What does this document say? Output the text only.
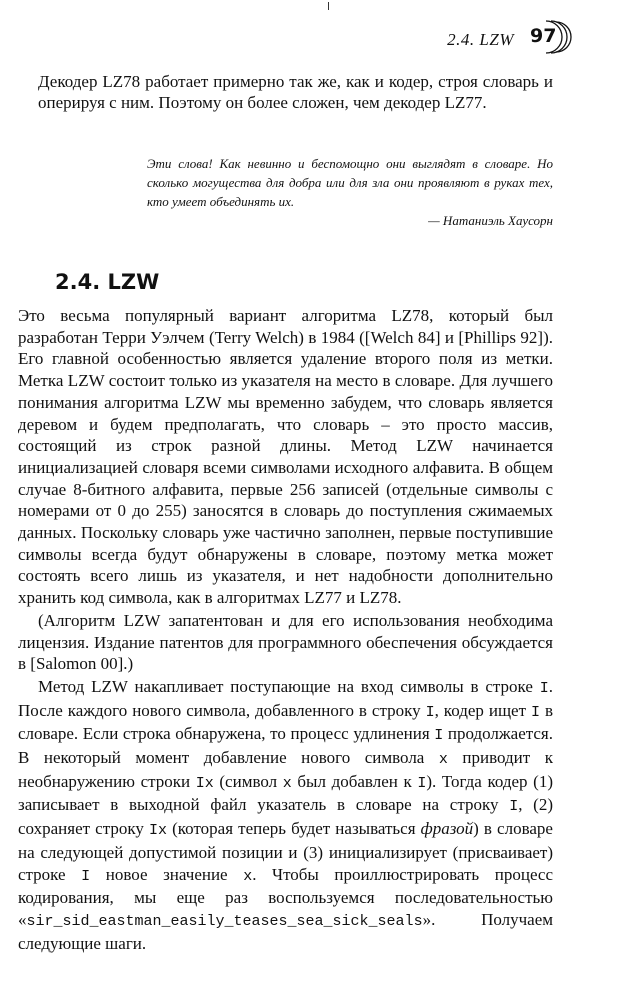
2.4. LZW 97

Декодер LZ78 работает примерно так же, как и кодер, строя словарь и оперируя с ним. Поэтому он более сложен, чем декодер LZ77.

Эти слова! Как невинно и беспомощно они выглядят в словаре. Но сколько могущества для добра или для зла они проявляют в руках тех, кто умеет объединять их.

— Натаниэль Хаусорн

2.4. LZW

Это весьма популярный вариант алгоритма LZ78, который был разработан Терри Уэлчем (Terry Welch) в 1984 ([Welch 84] и [Phillips 92]). Его главной особенностью является удаление второго поля из метки. Метка LZW состоит только из указателя на место в словаре. Для лучшего понимания алгоритма LZW мы временно забудем, что словарь является деревом и будем предполагать, что словарь – это просто массив, состоящий из строк разной длины. Метод LZW начинается инициализацией словаря всеми символами исходного алфавита. В общем случае 8-битного алфавита, первые 256 записей (отдельные символы с номерами от 0 до 255) заносятся в словарь до поступления сжимаемых данных. Поскольку словарь уже частично заполнен, первые поступившие символы всегда будут обнаружены в словаре, поэтому метка может состоять всего лишь из указателя, и нет надобности дополнительно хранить код символа, как в алгоритмах LZ77 и LZ78.

(Алгоритм LZW запатентован и для его использования необходима лицензия. Издание патентов для программного обеспечения обсуждается в [Salomon 00].)

Метод LZW накапливает поступающие на вход символы в строке I. После каждого нового символа, добавленного в строку I, кодер ищет I в словаре. Если строка обнаружена, то процесс удлинения I продолжается. В некоторый момент добавление нового символа x приводит к необнаружению строки Ix (символ x был добавлен к I). Тогда кодер (1) записывает в выходной файл указатель в словаре на строку I, (2) сохраняет строку Ix (которая теперь будет называться фразой) в словаре на следующей допустимой позиции и (3) инициализирует (присваивает) строке I новое значение x. Чтобы проиллюстрировать процесс кодирования, мы еще раз воспользуемся последовательностью «sir_sid_eastman_easily_teases_sea_sick_seals». Получаем следующие шаги.
